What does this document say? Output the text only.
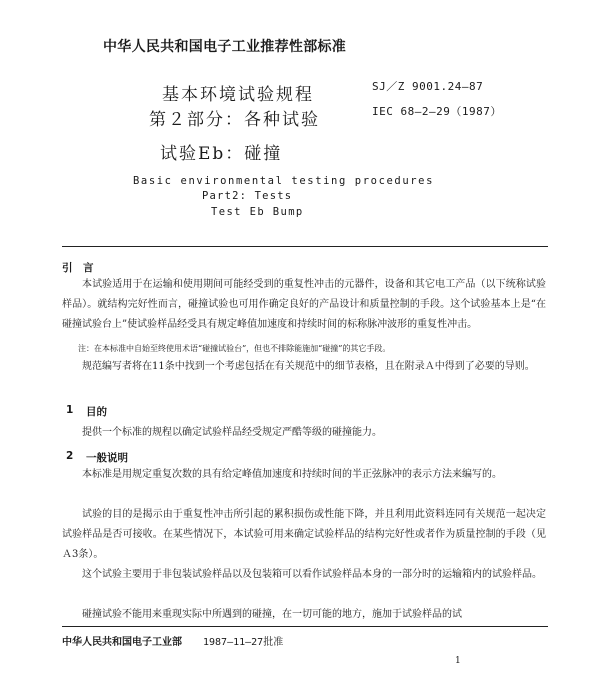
中华人民共和国电子工业推荐性部标准
基本环境试验规程
第２部分：各种试验
试验Eb：碰撞
SJ／Z 9001.24—87
IEC 68—2—29（1987）
Basic environmental testing procedures
Part2: Tests
Test Eb Bump
引　言
本试验适用于在运输和使用期间可能经受到的重复性冲击的元器件，设备和其它电工产品（以下统称试验样品）。就结构完好性而言，碰撞试验也可用作确定良好的产品设计和质量控制的手段。这个试验基本上是“在碰撞试验台上”使试验样品经受具有规定峰值加速度和持续时间的标称脉冲波形的重复性冲击。
注：在本标准中自始至终使用术语“碰撞试验台”，但也不排除能施加“碰撞”的其它手段。
规范编写者将在11条中找到一个考虑包括在有关规范中的细节表格，且在附录Ａ中得到了必要的导则。
1 目的
提供一个标准的规程以确定试验样品经受规定严酷等级的碰撞能力。
2 一般说明
本标准是用规定重复次数的具有给定峰值加速度和持续时间的半正弦脉冲的表示方法来编写的。
试验的目的是揭示由于重复性冲击所引起的累积损伤或性能下降，并且利用此资料连同有关规范一起决定试验样品是否可接收。在某些情况下，本试验可用来确定试验样品的结构完好性或者作为质量控制的手段（见Ａ3条）。
这个试验主要用于非包装试验样品以及包装箱可以看作试验样品本身的一部分时的运输箱内的试验样品。
碰撞试验不能用来重现实际中所遇到的碰撞，在一切可能的地方，施加于试验样品的试
中华人民共和国电子工业部 1987—11—27批准
1
